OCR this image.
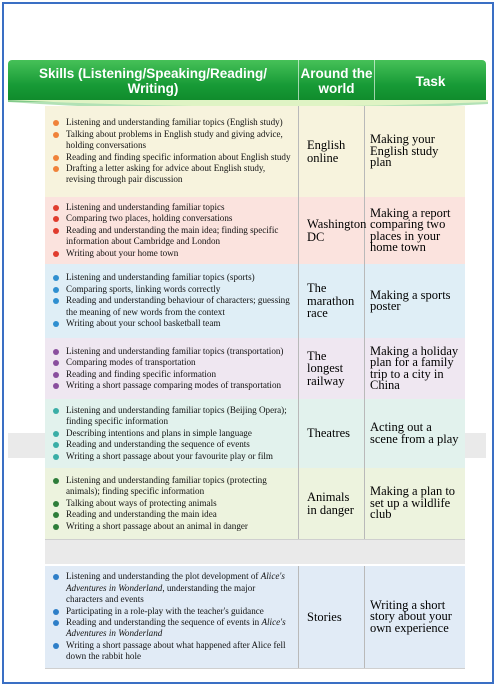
Skills (Listening/Speaking/Reading/ Writing)
Around the world	Task
Listening and understanding familiar topics (English study)
Talking about problems in English study and giving advice, holding conversations
Reading and finding specific information about English study
Drafting a letter asking for advice about English study, revising through pair discussion
English online
Making your English study plan
Listening and understanding familiar topics
Comparing two places, holding conversations
Reading and understanding the main idea; finding specific information about Cambridge and London
Writing about your home town
Washington DC
Making a report comparing two places in your home town
Listening and understanding familiar topics (sports)
Comparing sports, linking words correctly
Reading and understanding behaviour of characters; guessing the meaning of new words from the context
Writing about your school basketball team
The marathon race
Making a sports poster
Listening and understanding familiar topics (transportation)
Comparing modes of transportation
Reading and finding specific information
Writing a short passage comparing modes of transportation
The longest railway
Making a holiday plan for a family trip to a city in China
Listening and understanding familiar topics (Beijing Opera); finding specific information
Describing intentions and plans in simple language
Reading and understanding the sequence of events
Writing a short passage about your favourite play or film
Theatres Acting out a scene from a play
Listening and understanding familiar topics (protecting animals); finding specific information
Talking about ways of protecting animals
Reading and understanding the main idea
Writing a short passage about an animal in danger
Animals in danger
Making a plan to set up a wildlife club
Listening and understanding the plot development of Alice's Adventures in Wonderland, understanding the major characters and events
Participating in a role-play with the teacher's guidance
Reading and understanding the sequence of events in Alice's Adventures in Wonderland
Writing a short passage about what happened after Alice fell down the rabbit hole
Stories
Writing a short story about your own experience
